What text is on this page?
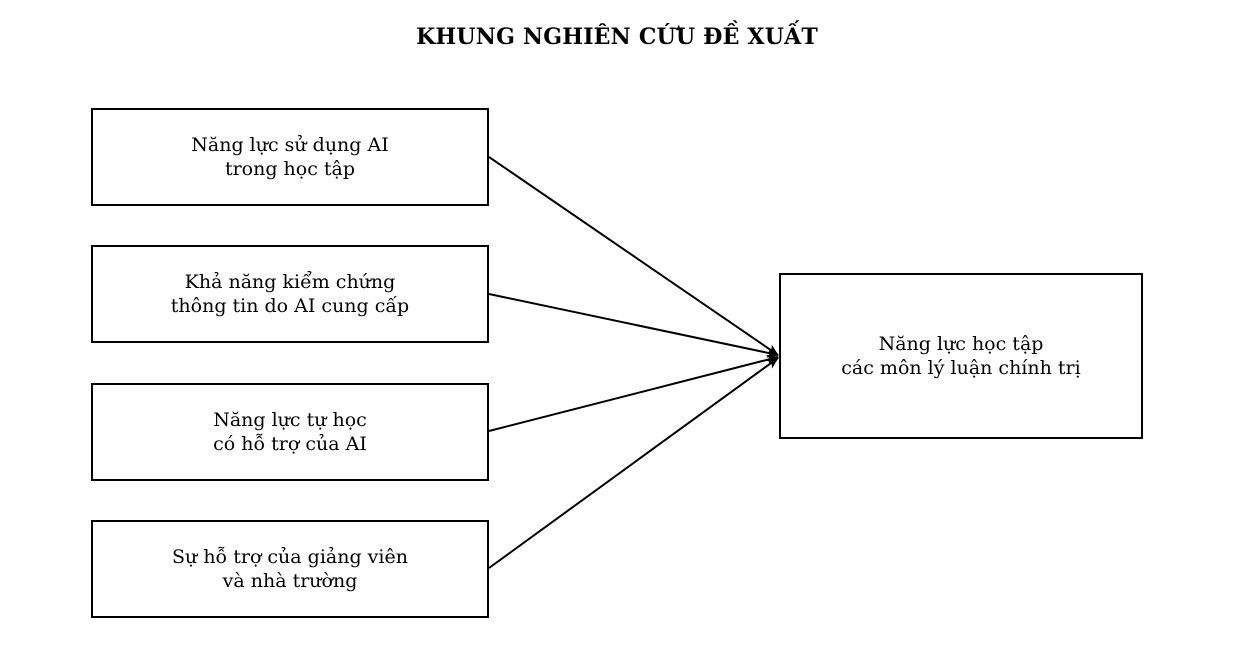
KHUNG NGHIÊN CỨU ĐỀ XUẤT
Năng lực sử dụng AI
trong học tập
Khả năng kiểm chứng
thông tin do AI cung cấp
Năng lực tự học
có hỗ trợ của AI
Sự hỗ trợ của giảng viên
và nhà trường
Năng lực học tập
các môn lý luận chính trị
